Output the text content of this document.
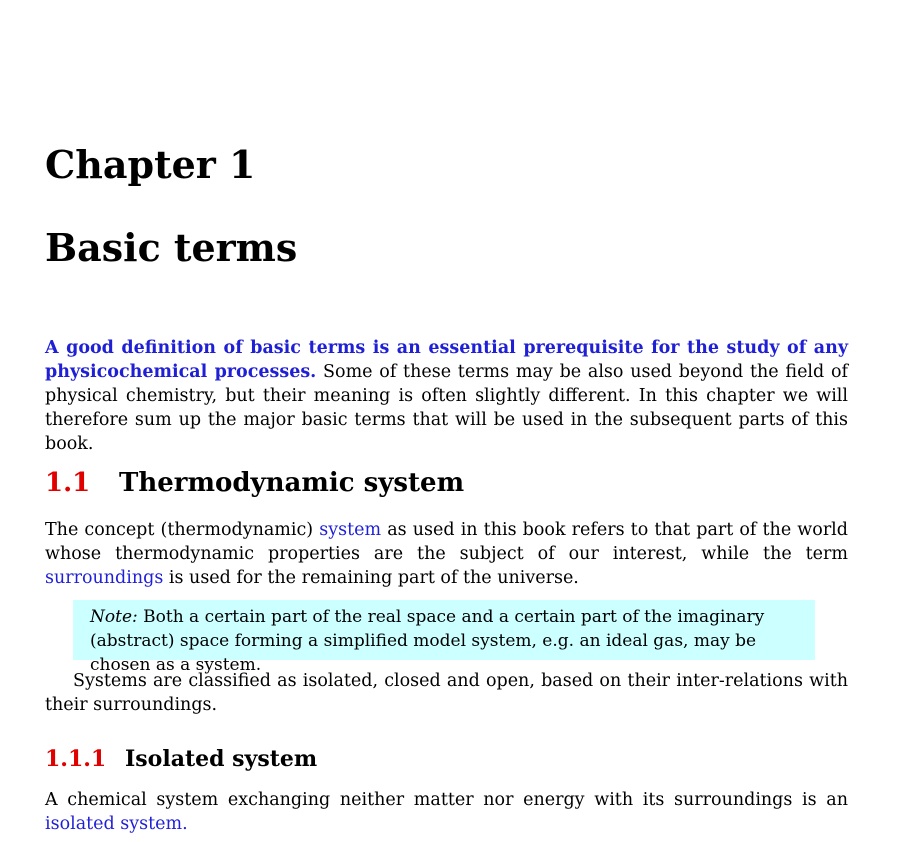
Chapter 1
Basic terms
A good definition of basic terms is an essential prerequisite for the study of any physicochemical processes. Some of these terms may be also used beyond the field of physical chemistry, but their meaning is often slightly different. In this chapter we will therefore sum up the major basic terms that will be used in the subsequent parts of this book.
1.1 Thermodynamic system
The concept (thermodynamic) system as used in this book refers to that part of the world whose thermodynamic properties are the subject of our interest, while the term surroundings is used for the remaining part of the universe.
Note: Both a certain part of the real space and a certain part of the imaginary (abstract) space forming a simplified model system, e.g. an ideal gas, may be chosen as a system.
Systems are classified as isolated, closed and open, based on their inter-relations with their surroundings.
1.1.1 Isolated system
A chemical system exchanging neither matter nor energy with its surroundings is an isolated system.
